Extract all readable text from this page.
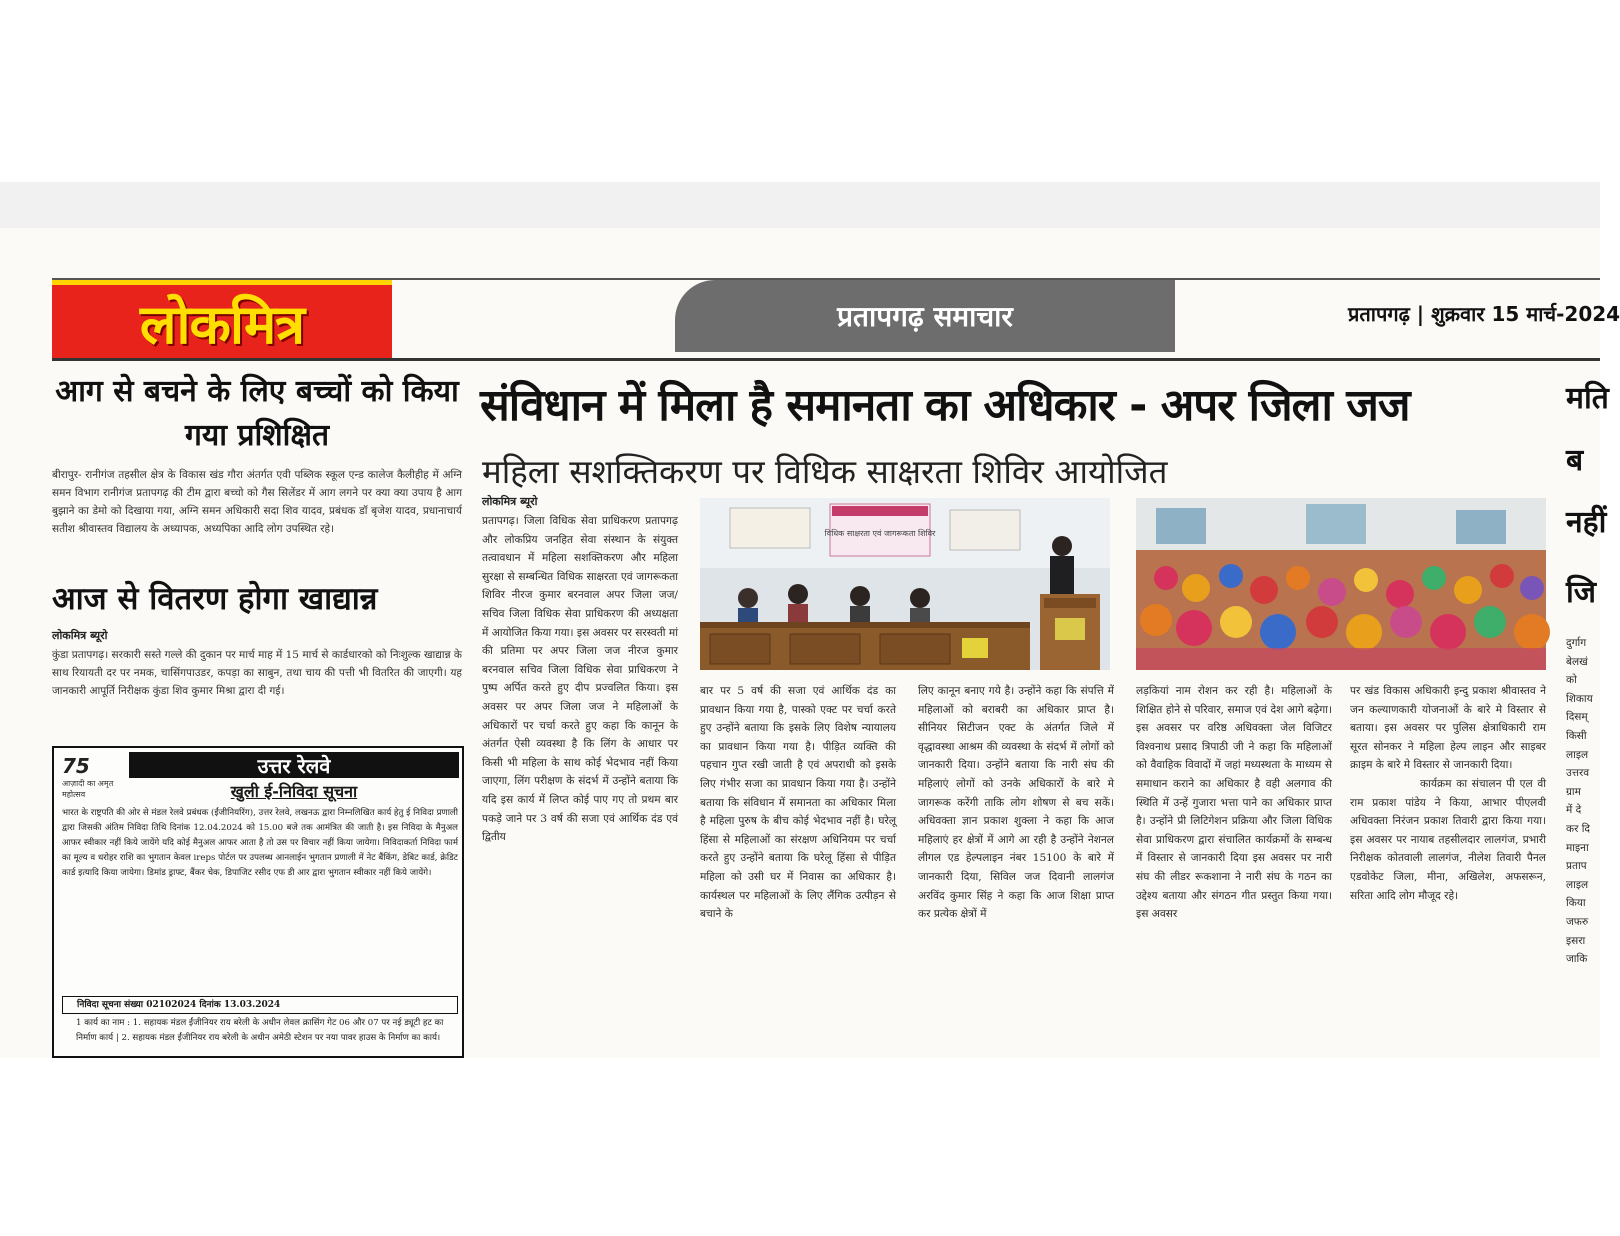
लोकमित्र	प्रतापगढ़ समाचार	प्रतापगढ़ | शुक्रवार 15 मार्च-2024
आग से बचने के लिए बच्चों को किया गया प्रशिक्षित
बीरापुर- रानीगंज तहसील क्षेत्र के विकास खंड गौरा अंतर्गत एवी पब्लिक स्कूल एन्ड कालेज कैलीहीह में अग्नि समन विभाग रानीगंज प्रतापगढ़ की टीम द्वारा बच्चो को गैस सिलेंडर में आग लगने पर क्या क्या उपाय है आग बुझाने का डेमो को दिखाया गया, अग्नि समन अधिकारी सदा शिव यादव, प्रबंधक डॉ बृजेश यादव, प्रधानाचार्य सतीश श्रीवास्तव विद्यालय के अध्यापक, अध्यपिका आदि लोग उपस्थित रहे।
आज से वितरण होगा खाद्यान्न
लोकमित्र ब्यूरो
कुंडा प्रतापगढ़। सरकारी सस्ते गल्ले की दुकान पर मार्च माह में 15 मार्च से कार्डधारको को निःशुल्क खाद्यान्न के साथ रियायती दर पर नमक, चासिंगपाउडर, कपड़ा का साबुन, तथा चाय की पत्ती भी वितरित की जाएगी। यह जानकारी आपूर्ति निरीक्षक कुंडा शिव कुमार मिश्रा द्वारा दी गई।
75
आज़ादी का अमृत महोत्सव
उत्तर रेलवे
खुली ई-निविदा सूचना
भारत के राष्ट्रपति की ओर से मंडल रेलवे प्रबंधक (ईंजीनियरिंग), उत्तर रेलवे, लखनऊ द्वारा निम्नलिखित कार्य हेतु ई निविदा प्रणाली द्वारा जिसकी अंतिम निविदा तिथि दिनांक 12.04.2024 को 15.00 बजे तक आमंत्रित की जाती है। इस निविदा के मैनुअल आफर स्वीकार नहीं किये जायेंगे यदि कोई मैनुअल आफर आता है तो उस पर विचार नहीं किया जायेगा। निविदाकर्ता निविदा फार्म का मूल्य व धरोहर राशि का भुगतान केवल ireps पोर्टल पर उपलब्ध आनलाईन भुगतान प्रणाली में नेट बैंकिंग, डेबिट कार्ड, क्रेडिट कार्ड इत्यादि किया जायेगा। डिमांड ड्राफ्ट, बैंकर चेक, डिपाजिट रसीद एफ डी आर द्वारा भुगतान स्वीकार नहीं किये जायेंगे।
निविदा सूचना संख्या 02102024 दिनांक 13.03.2024
1 कार्य का नाम : 1. सहायक मंडल ईंजीनियर राय बरेली के अधीन लेवल क्रासिंग गेट 06 और 07 पर नई ड्यूटी हट का निर्माण कार्य | 2. सहायक मंडल ईंजीनियर राय बरेली के अधीन अमेठी स्टेशन पर नया पावर हाउस के निर्माण का कार्य।
संविधान में मिला है समानता का अधिकार - अपर जिला जज
महिला सशक्तिकरण पर विधिक साक्षरता शिविर आयोजित
लोकमित्र ब्यूरो
प्रतापगढ़। जिला विधिक सेवा प्राधिकरण प्रतापगढ़ और लोकप्रिय जनहित सेवा संस्थान के संयुक्त तत्वावधान में महिला सशक्तिकरण और महिला सुरक्षा से सम्बन्धित विधिक साक्षरता एवं जागरूकता शिविर नीरज कुमार बरनवाल अपर जिला जज/ सचिव जिला विधिक सेवा प्राधिकरण की अध्यक्षता में आयोजित किया गया। इस अवसर पर सरस्वती मां की प्रतिमा पर अपर जिला जज नीरज कुमार बरनवाल सचिव जिला विधिक सेवा प्राधिकरण ने पुष्प अर्पित करते हुए दीप प्रज्वलित किया। इस अवसर पर अपर जिला जज ने महिलाओं के अधिकारों पर चर्चा करते हुए कहा कि कानून के अंतर्गत ऐसी व्यवस्था है कि लिंग के आधार पर किसी भी महिला के साथ कोई भेदभाव नहीं किया जाएगा, लिंग परीक्षण के संदर्भ में उन्होंने बताया कि यदि इस कार्य में लिप्त कोई पाए गए तो प्रथम बार पकड़े जाने पर 3 वर्ष की सजा एवं आर्थिक दंड एवं द्वितीय
विधिक साक्षरता एवं जागरूकता शिविर
बार पर 5 वर्ष की सजा एवं आर्थिक दंड का प्रावधान किया गया है, पास्को एक्ट पर चर्चा करते हुए उन्होंने बताया कि इसके लिए विशेष न्यायालय का प्रावधान किया गया है। पीड़ित व्यक्ति की पहचान गुप्त रखी जाती है एवं अपराधी को इसके लिए गंभीर सजा का प्रावधान किया गया है। उन्होंने बताया कि संविधान में समानता का अधिकार मिला है महिला पुरुष के बीच कोई भेदभाव नहीं है। घरेलू हिंसा से महिलाओं का संरक्षण अधिनियम पर चर्चा करते हुए उन्होंने बताया कि घरेलू हिंसा से पीड़ित महिला को उसी घर में निवास का अधिकार है। कार्यस्थल पर महिलाओं के लिए लैंगिक उत्पीड़न से बचाने के
लिए कानून बनाए गये है। उन्होंने कहा कि संपत्ति में महिलाओं को बराबरी का अधिकार प्राप्त है। सीनियर सिटीजन एक्ट के अंतर्गत जिले में वृद्धावस्था आश्रम की व्यवस्था के संदर्भ में लोगों को जानकारी दिया। उन्होंने बताया कि नारी संघ की महिलाएं लोगों को उनके अधिकारों के बारे मे जागरूक करेंगी ताकि लोग शोषण से बच सकें। अधिवक्ता ज्ञान प्रकाश शुक्ला ने कहा कि आज महिलाएं हर क्षेत्रों में आगे आ रही है उन्होंने नेशनल लीगल एड हेल्पलाइन नंबर 15100 के बारे में जानकारी दिया, सिविल जज दिवानी लालगंज अरविंद कुमार सिंह ने कहा कि आज शिक्षा प्राप्त कर प्रत्येक क्षेत्रों में
लड़कियां नाम रोशन कर रही है। महिलाओं के शिक्षित होने से परिवार, समाज एवं देश आगे बढ़ेगा। इस अवसर पर वरिष्ठ अधिवक्ता जेल विजिटर विश्वनाथ प्रसाद त्रिपाठी जी ने कहा कि महिलाओं को वैवाहिक विवादों में जहां मध्यस्थता के माध्यम से समाधान कराने का अधिकार है वही अलगाव की स्थिति में उन्हें गुजारा भत्ता पाने का अधिकार प्राप्त है। उन्होंने प्री लिटिगेशन प्रक्रिया और जिला विधिक सेवा प्राधिकरण द्वारा संचालित कार्यक्रमों के सम्बन्ध में विस्तार से जानकारी दिया इस अवसर पर नारी संघ की लीडर रूकशाना ने नारी संघ के गठन का उद्देश्य बताया और संगठन गीत प्रस्तुत किया गया। इस अवसर
पर खंड विकास अधिकारी इन्दु प्रकाश श्रीवास्तव ने जन कल्याणकारी योजनाओं के बारे मे विस्तार से बताया। इस अवसर पर पुलिस क्षेत्राधिकारी राम सूरत सोनकर ने महिला हेल्प लाइन और साइबर क्राइम के बारे मे विस्तार से जानकारी दिया।
कार्यक्रम का संचालन पी एल वी राम प्रकाश पांडेय ने किया, आभार पीएलवी अधिवक्ता निरंजन प्रकाश तिवारी द्वारा किया गया। इस अवसर पर नायाब तहसीलदार लालगंज, प्रभारी निरीक्षक कोतवाली लालगंज, नीलेश तिवारी पैनल एडवोकेट जिला, मीना, अखिलेश, अफसरून, सरिता आदि लोग मौजूद रहे।
मति
ब
नहीं
जि
दुर्गाग
बेलखं
को
शिकाय
दिसम्
किसी
लाइल
उत्तरव
ग्राम
में दे
कर दि
माइना
प्रताप
लाइल
किया
जफरु
इसरा
जाकि
